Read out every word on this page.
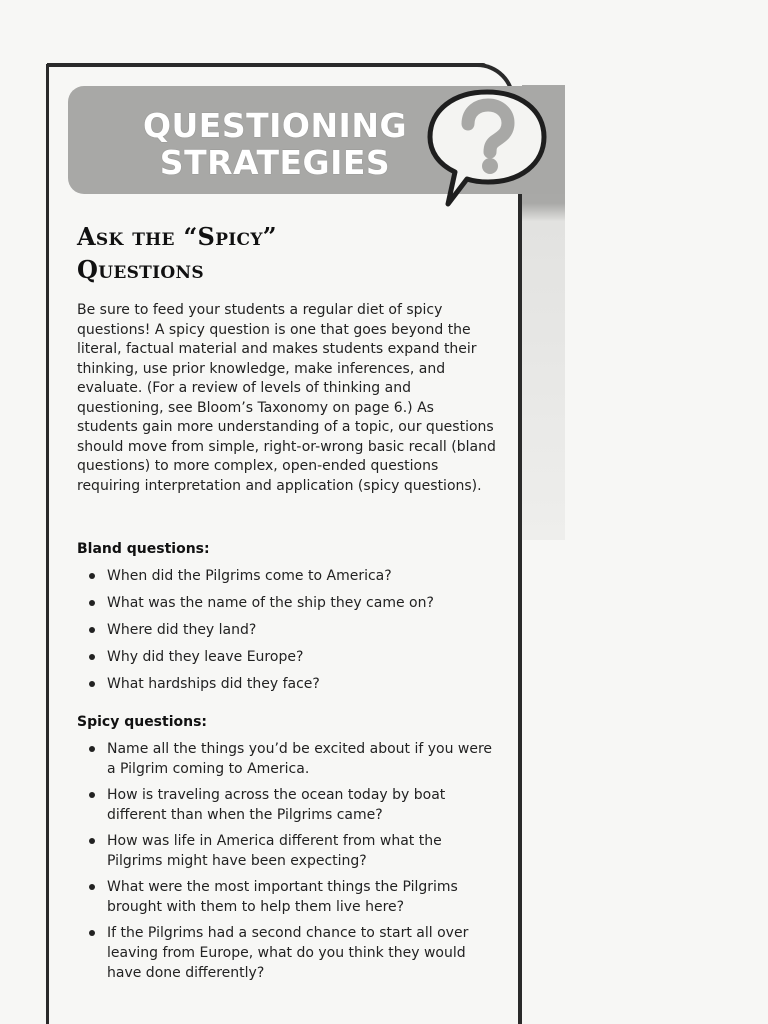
QUESTIONING
STRATEGIES
Ask the “Spicy”
Questions

Be sure to feed your students a regular diet of spicy questions! A spicy question is one that goes beyond the literal, factual material and makes students expand their thinking, use prior knowledge, make inferences, and evaluate. (For a review of levels of thinking and questioning, see Bloom’s Taxonomy on page 6.) As students gain more understanding of a topic, our questions should move from simple, right-or-wrong basic recall (bland questions) to more complex, open-ended questions requiring interpretation and application (spicy questions).

Bland questions:

When did the Pilgrims come to America?
What was the name of the ship they came on?
Where did they land?
Why did they leave Europe?
What hardships did they face?

Spicy questions:

Name all the things you’d be excited about if you were a Pilgrim coming to America.
How is traveling across the ocean today by boat different than when the Pilgrims came?
How was life in America different from what the Pilgrims might have been expecting?
What were the most important things the Pilgrims brought with them to help them live here?
If the Pilgrims had a second chance to start all over leaving from Europe, what do you think they would have done differently?
